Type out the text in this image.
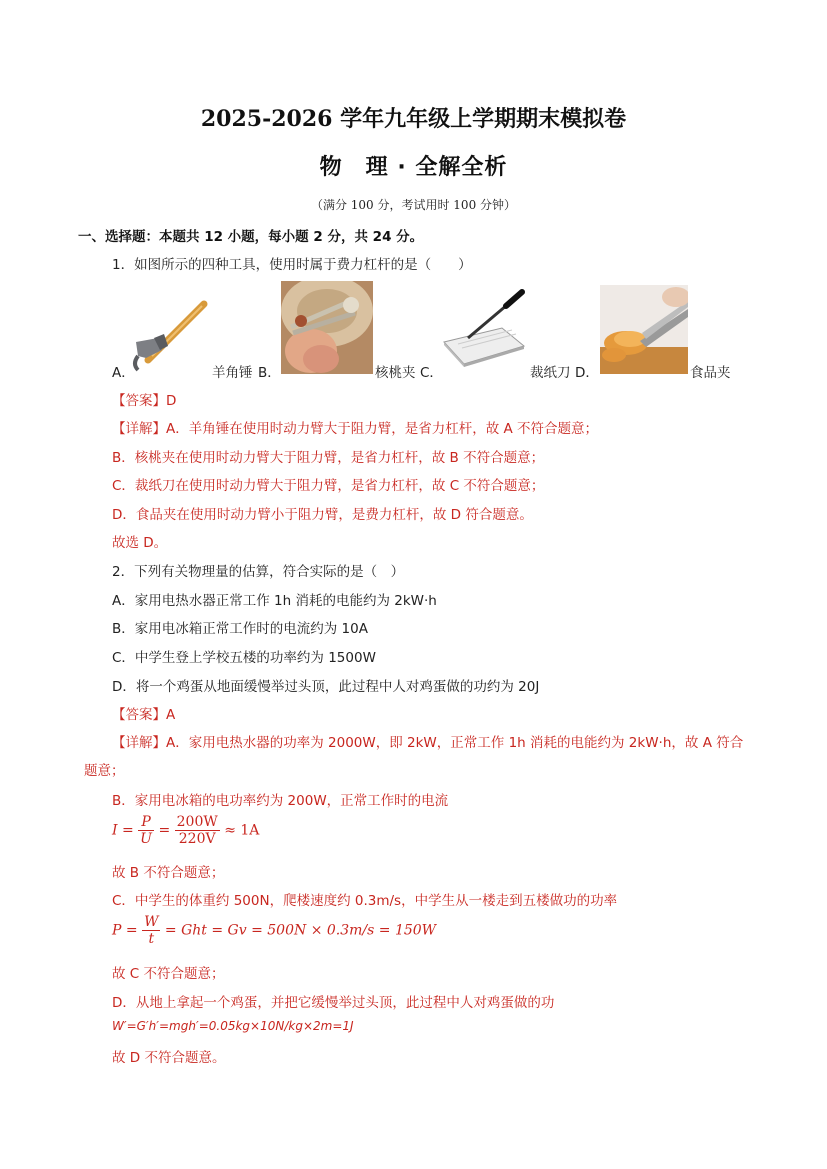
2025-2026 学年九年级上学期期末模拟卷
物　理 · 全解全析
（满分 100 分，考试用时 100 分钟）
一、选择题：本题共 12 小题，每小题 2 分，共 24 分。
1．如图所示的四种工具，使用时属于费力杠杆的是（　　）
A．	羊角锤 B．	核桃夹 C．	裁纸刀 D．	食品夹
【答案】D
【详解】A．羊角锤在使用时动力臂大于阻力臂，是省力杠杆，故 A 不符合题意；
B．核桃夹在使用时动力臂大于阻力臂，是省力杠杆，故 B 不符合题意；
C．裁纸刀在使用时动力臂大于阻力臂，是省力杠杆，故 C 不符合题意；
D．食品夹在使用时动力臂小于阻力臂，是费力杠杆，故 D 符合题意。
故选 D。
2．下列有关物理量的估算，符合实际的是（　）
A．家用电热水器正常工作 1h 消耗的电能约为 2kW·h
B．家用电冰箱正常工作时的电流约为 10A
C．中学生登上学校五楼的功率约为 1500W
D．将一个鸡蛋从地面缓慢举过头顶，此过程中人对鸡蛋做的功约为 20J
【答案】A
【详解】A．家用电热水器的功率为 2000W，即 2kW，正常工作 1h 消耗的电能约为 2kW·h，故 A 符合
题意；
B．家用电冰箱的电功率约为 200W，正常工作时的电流
$I = \frac{P}{U} = \frac{200W}{220V} \approx 1A$
故 B 不符合题意；
C．中学生的体重约 500N，爬楼速度约 0.3m/s，中学生从一楼走到五楼做功的功率
$P = \frac{W}{t}$ = Ght = Gv = 500N × 0.3m/s = 150W
故 C 不符合题意；
D．从地上拿起一个鸡蛋，并把它缓慢举过头顶，此过程中人对鸡蛋做的功
W′=G′h′=mgh′=0.05kg×10N/kg×2m=1J
故 D 不符合题意。
